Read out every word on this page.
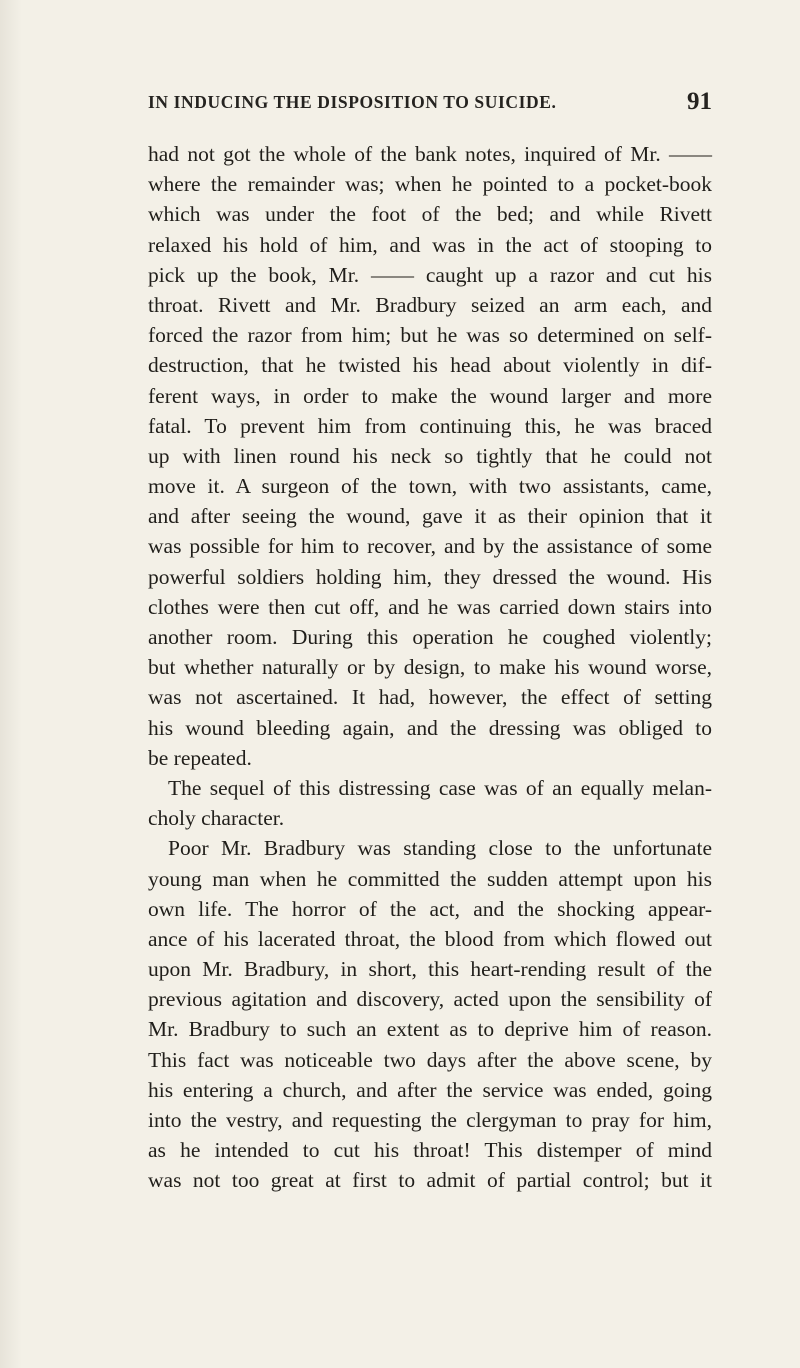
IN INDUCING THE DISPOSITION TO SUICIDE.	91
had not got the whole of the bank notes, inquired of Mr. ——
where the remainder was; when he pointed to a pocket-book
which was under the foot of the bed; and while Rivett
relaxed his hold of him, and was in the act of stooping to
pick up the book, Mr. —— caught up a razor and cut his
throat. Rivett and Mr. Bradbury seized an arm each, and
forced the razor from him; but he was so determined on self-
destruction, that he twisted his head about violently in dif-
ferent ways, in order to make the wound larger and more
fatal. To prevent him from continuing this, he was braced
up with linen round his neck so tightly that he could not
move it. A surgeon of the town, with two assistants, came,
and after seeing the wound, gave it as their opinion that it
was possible for him to recover, and by the assistance of some
powerful soldiers holding him, they dressed the wound. His
clothes were then cut off, and he was carried down stairs into
another room. During this operation he coughed violently;
but whether naturally or by design, to make his wound worse,
was not ascertained. It had, however, the effect of setting
his wound bleeding again, and the dressing was obliged to
be repeated.
The sequel of this distressing case was of an equally melan-
choly character.
Poor Mr. Bradbury was standing close to the unfortunate
young man when he committed the sudden attempt upon his
own life. The horror of the act, and the shocking appear-
ance of his lacerated throat, the blood from which flowed out
upon Mr. Bradbury, in short, this heart-rending result of the
previous agitation and discovery, acted upon the sensibility of
Mr. Bradbury to such an extent as to deprive him of reason.
This fact was noticeable two days after the above scene, by
his entering a church, and after the service was ended, going
into the vestry, and requesting the clergyman to pray for him,
as he intended to cut his throat! This distemper of mind
was not too great at first to admit of partial control; but it
